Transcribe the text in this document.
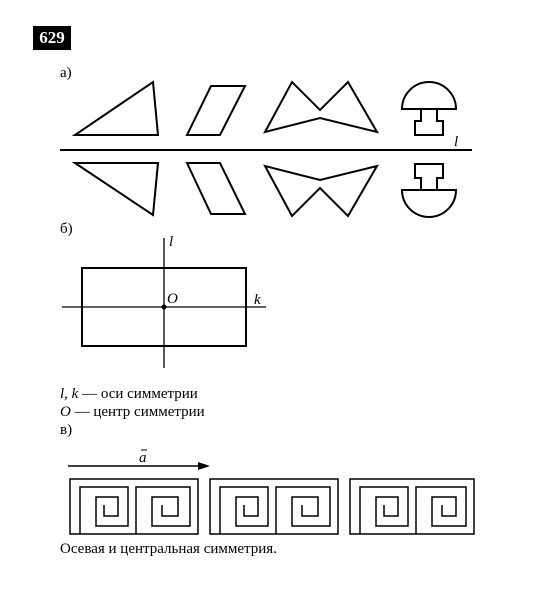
629
а)
б)
в)
l
l
k
O
a
l, k — оси симметрии
O — центр симметрии
Осевая и центральная симметрия.
